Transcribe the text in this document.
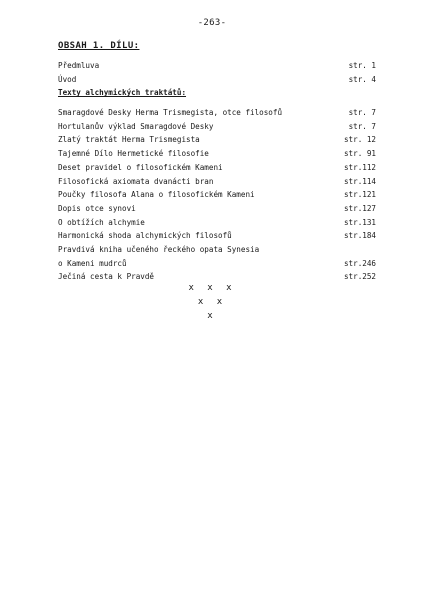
-263-
OBSAH 1. DÍLU:
Předmluva	str. 1
Úvod	str. 4
Texty alchymických traktátů:
Smaragdové Desky Herma Trismegista, otce filosofů	str. 7
Hortulanův výklad Smaragdové Desky	str. 7
Zlatý traktát Herma Trismegista	str. 12
Tajemné Dílo Hermetické filosofie	str. 91
Deset pravidel o filosofickém Kameni	str.112
Filosofická axiomata dvanácti bran	str.114
Poučky filosofa Alana o filosofickém Kameni	str.121
Dopis otce synovi	str.127
O obtížích alchymie	str.131
Harmonická shoda alchymických filosofů	str.184
Pravdivá kniha učeného řeckého opata Synesia
o Kameni mudrců	str.246
Ječiná cesta k Pravdě	str.252
x x x
x x
x
